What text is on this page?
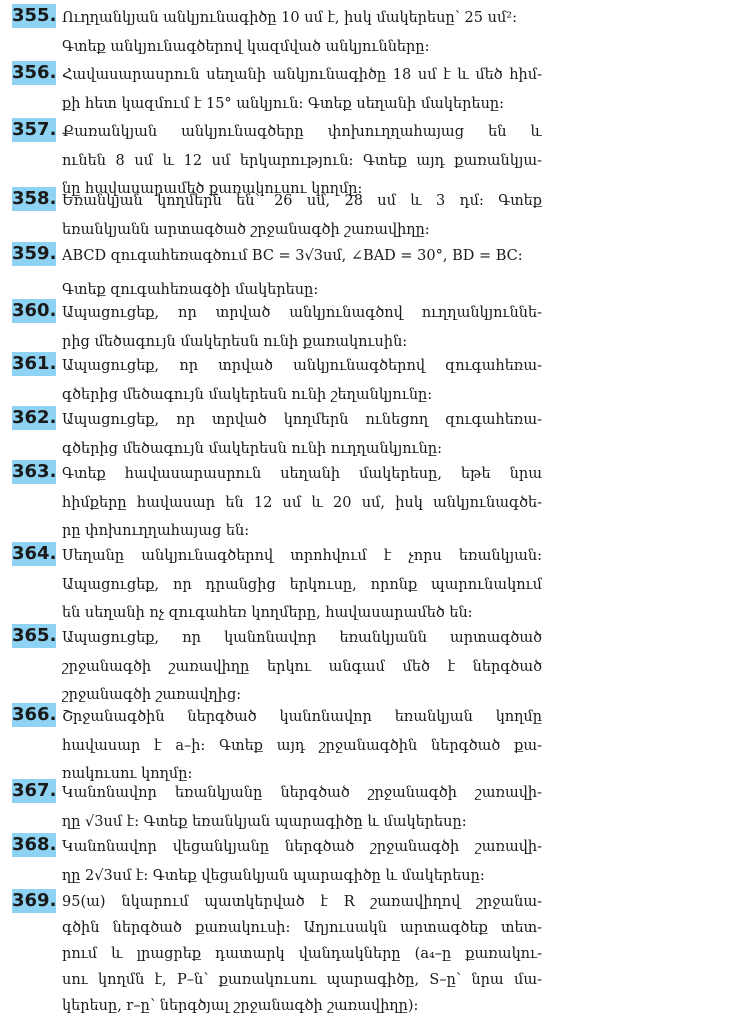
355. Ուղղանկյան անկյունագիծը 10 սմ է, իսկ մակերեսը՝ 25 սմ²:
Գտեք անկյունագծերով կազմված անկյունները:
356. Հավասարասրուն սեղանի անկյունագիծը 18 սմ է և մեծ հիմ-
քի հետ կազմում է 15° անկյուն: Գտեք սեղանի մակերեսը:
357. Քառանկյան անկյունագծերը փոխուղղահայաց են և
ունեն 8 սմ և 12 սմ երկարություն: Գտեք այդ քառանկյա-
նը հավասարամեծ քառակուսու կողմը:
358. Եռանկյան կողմերն են՝ 26 սմ, 28 սմ և 3 դմ: Գտեք
եռանկյանն արտագծած շրջանագծի շառավիղը:
359. ABCD զուգահեռագծում BC = 3√3սմ, ∠BAD = 30°, BD = BC:
Գտեք զուգահեռագծի մակերեսը:
360. Ապացուցեք, որ տրված անկյունագծով ուղղանկյուննե-
րից մեծագույն մակերեսն ունի քառակուսին:
361. Ապացուցեք, որ տրված անկյունագծերով զուգահեռա-
գծերից մեծագույն մակերեսն ունի շեղանկյունը:
362. Ապացուցեք, որ տրված կողմերն ունեցող զուգահեռա-
գծերից մեծագույն մակերեսն ունի ուղղանկյունը:
363. Գտեք հավասարասրուն սեղանի մակերեսը, եթե նրա
հիմքերը հավասար են 12 սմ և 20 սմ, իսկ անկյունագծե-
րը փոխուղղահայաց են:
364. Սեղանը անկյունագծերով տրոհվում է չորս եռանկյան:
Ապացուցեք, որ դրանցից երկուսը, որոնք պարունակում
են սեղանի ոչ զուգահեռ կողմերը, հավասարամեծ են:
365. Ապացուցեք, որ կանոնավոր եռանկյանն արտագծած
շրջանագծի շառավիղը երկու անգամ մեծ է ներգծած
շրջանագծի շառավղից:
366. Շրջանագծին ներգծած կանոնավոր եռանկյան կողմը
հավասար է a–ի: Գտեք այդ շրջանագծին ներգծած քա-
ռակուսու կողմը:
367. Կանոնավոր եռանկյանը ներգծած շրջանագծի շառավի-
ղը √3սմ է: Գտեք եռանկյան պարագիծը և մակերեսը:
368. Կանոնավոր վեցանկյանը ներգծած շրջանագծի շառավի-
ղը 2√3սմ է: Գտեք վեցանկյան պարագիծը և մակերեսը:
369. 95(ա) նկարում պատկերված է R շառավիղով շրջանա-
գծին ներգծած քառակուսի: Աղյուսակն արտագծեք տետ-
րում և լրացրեք դատարկ վանդակները (a₄–ը քառակու-
սու կողմն է, P–ն՝ քառակուսու պարագիծը, S–ը՝ նրա մա-
կերեսը, r–ը՝ ներգծյալ շրջանագծի շառավիղը):
